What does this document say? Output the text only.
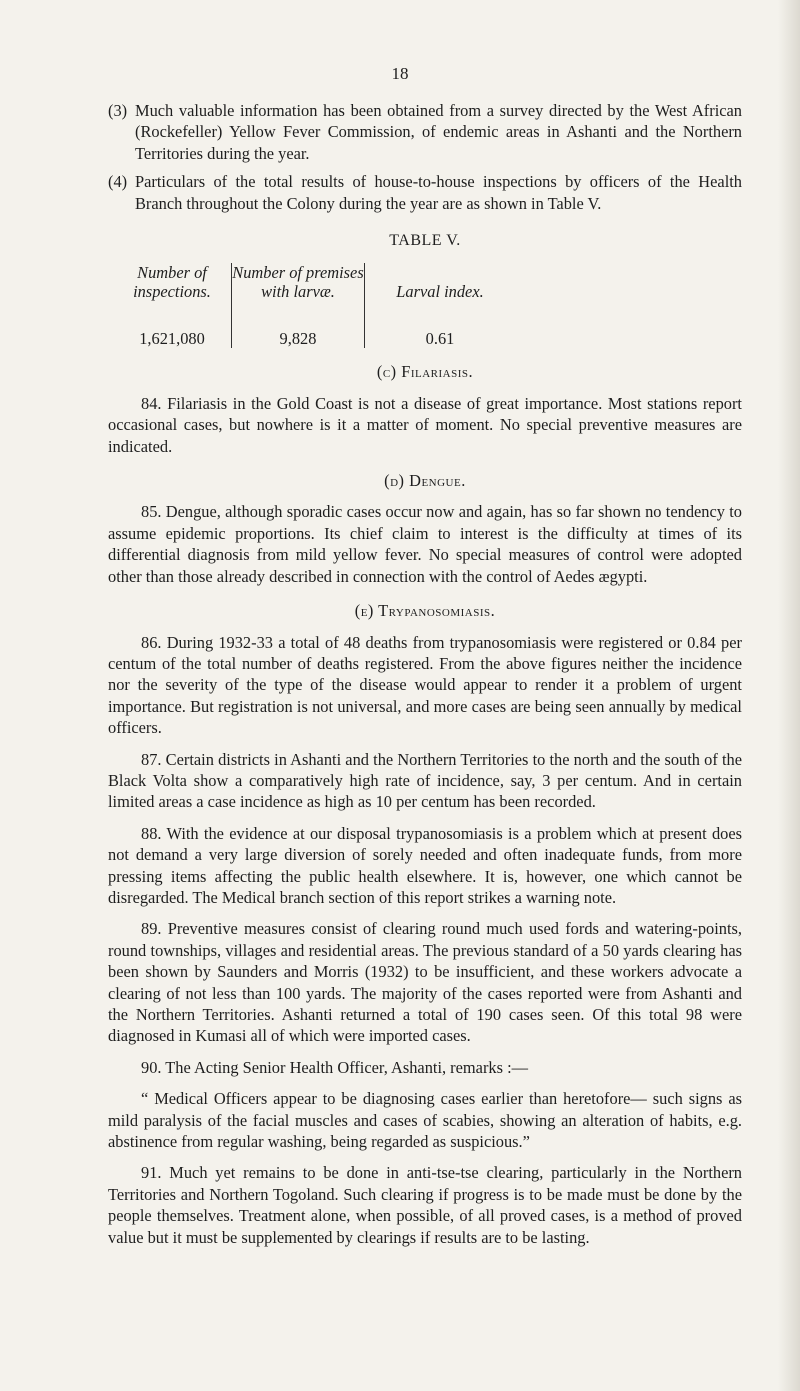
18
(3) Much valuable information has been obtained from a survey directed by the West African (Rockefeller) Yellow Fever Commission, of endemic areas in Ashanti and the Northern Territories during the year.
(4) Particulars of the total results of house-to-house inspections by officers of the Health Branch throughout the Colony during the year are as shown in Table V.
TABLE V.
Number of inspections.
1,621,080
Number of premises with larvæ.
9,828
Larval index.
0.61
(c) Filariasis.

84. Filariasis in the Gold Coast is not a disease of great importance. Most stations report occasional cases, but nowhere is it a matter of moment. No special preventive measures are indicated.

(d) Dengue.

85. Dengue, although sporadic cases occur now and again, has so far shown no tendency to assume epidemic proportions. Its chief claim to interest is the difficulty at times of its differential diagnosis from mild yellow fever. No special measures of control were adopted other than those already described in connection with the control of Aedes ægypti.

(e) Trypanosomiasis.

86. During 1932-33 a total of 48 deaths from trypanosomiasis were registered or 0.84 per centum of the total number of deaths registered. From the above figures neither the incidence nor the severity of the type of the disease would appear to render it a problem of urgent importance. But registration is not universal, and more cases are being seen annually by medical officers.

87. Certain districts in Ashanti and the Northern Territories to the north and the south of the Black Volta show a comparatively high rate of incidence, say, 3 per centum. And in certain limited areas a case incidence as high as 10 per centum has been recorded.

88. With the evidence at our disposal trypanosomiasis is a problem which at present does not demand a very large diversion of sorely needed and often inadequate funds, from more pressing items affecting the public health elsewhere. It is, however, one which cannot be disregarded. The Medical branch section of this report strikes a warning note.

89. Preventive measures consist of clearing round much used fords and watering-points, round townships, villages and residential areas. The previous standard of a 50 yards clearing has been shown by Saunders and Morris (1932) to be insufficient, and these workers advocate a clearing of not less than 100 yards. The majority of the cases reported were from Ashanti and the Northern Territories. Ashanti returned a total of 190 cases seen. Of this total 98 were diagnosed in Kumasi all of which were imported cases.

90. The Acting Senior Health Officer, Ashanti, remarks :—

“ Medical Officers appear to be diagnosing cases earlier than heretofore— such signs as mild paralysis of the facial muscles and cases of scabies, showing an alteration of habits, e.g. abstinence from regular washing, being regarded as suspicious.”

91. Much yet remains to be done in anti-tse-tse clearing, particularly in the Northern Territories and Northern Togoland. Such clearing if progress is to be made must be done by the people themselves. Treatment alone, when possible, of all proved cases, is a method of proved value but it must be supplemented by clearings if results are to be lasting.
